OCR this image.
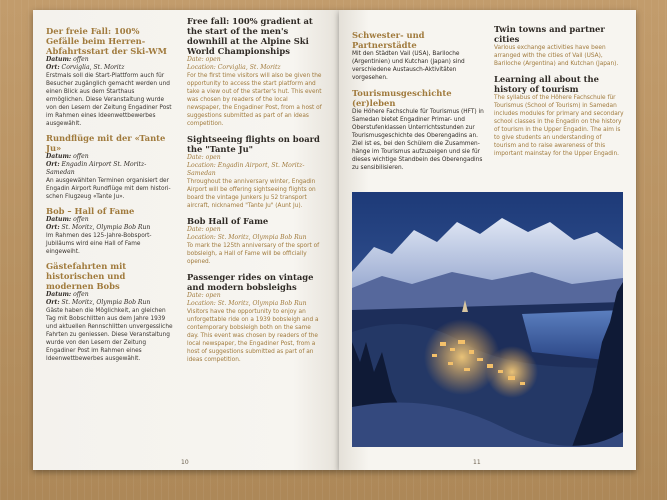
Der freie Fall: 100% Gefälle beim Herren-Abfahrtsstart der Ski-WM

Datum: offen
Ort: Corviglia, St. Moritz
Erstmals soll die Start-Plattform auch für Besucher zugänglich gemacht werden und einen Blick aus dem Starthaus ermöglichen. Diese Veranstaltung wurde von den Lesern der Zeitung Engadiner Post im Rahmen eines Ideenwettbewerbes ausgewählt.

Rundflüge mit der «Tante Ju»

Datum: offen
Ort: Engadin Airport St. Moritz-Samedan
An ausgewählten Terminen organisiert der Engadin Airport Rundflüge mit dem histori-schen Flugzeug «Tante Ju».

Bob – Hall of Fame

Datum: offen
Ort: St. Moritz, Olympia Bob Run
Im Rahmen des 125-Jahre-Bobsport-Jubiläums wird eine Hall of Fame eingeweiht.

Gästefahrten mit historischen und modernen Bobs

Datum: offen
Ort: St. Moritz, Olympia Bob Run
Gäste haben die Möglichkeit, an gleichen Tag mit Bobschlitten aus dem Jahre 1939 und aktuellen Rennschlitten unvergessliche Fahrten zu geniessen. Diese Veranstaltung wurde von den Lesern der Zeitung Engadiner Post im Rahmen eines Ideenwettbewerbes ausgewählt.

Free fall: 100% gradient at the start of the men's downhill at the Alpine Ski World Championships

Date: open
Location: Corviglia, St. Moritz
For the first time visitors will also be given the opportunity to access the start platform and take a view out of the starter's hut. This event was chosen by readers of the local newspaper, the Engadiner Post, from a host of suggestions submitted as part of an ideas competition.

Sightseeing flights on board the "Tante Ju"

Date: open
Location: Engadin Airport, St. Moritz-Samedan
Throughout the anniversary winter, Engadin Airport will be offering sightseeing flights on board the vintage Junkers Ju 52 transport aircraft, nicknamed "Tante Ju" (Aunt Ju).

Bob Hall of Fame

Date: open
Location: St. Moritz, Olympia Bob Run
To mark the 125th anniversary of the sport of bobsleigh, a Hall of Fame will be officially opened.

Passenger rides on vintage and modern bobsleighs

Date: open
Location: St. Moritz, Olympia Bob Run
Visitors have the opportunity to enjoy an unforgettable ride on a 1939 bobsleigh and a contemporary bobsleigh both on the same day. This event was chosen by readers of the local newspaper, the Engadiner Post, from a host of suggestions submitted as part of an ideas competition.
10

Schwester- und Partnerstädte

Mit den Städten Vail (USA), Bariloche (Argentinien) und Kutchan (Japan) sind verschiedene Austausch-Aktivitäten vorgesehen.

Tourismusgeschichte (er)leben

Die Höhere Fachschule für Tourismus (HFT) in Samedan bietet Engadiner Primar- und Oberstufenklassen Unterrichtsstunden zur Tourismusgeschichte des Oberengadins an. Ziel ist es, bei den Schülern die Zusammen-hänge im Tourismus aufzuzeigen und sie für dieses wichtige Standbein des Oberengadins zu sensibilisieren.

Twin towns and partner cities

Various exchange activities have been arranged with the cities of Vail (USA), Bariloche (Argentina) and Kutchan (Japan).

Learning all about the history of tourism

The syllabus of the Höhere Fachschule für Tourismus (School of Tourism) in Samedan includes modules for primary and secondary school classes in the Engadin on the history of tourism in the Upper Engadin. The aim is to give students an understanding of tourism and to raise awareness of this important mainstay for the Upper Engadin.
11
